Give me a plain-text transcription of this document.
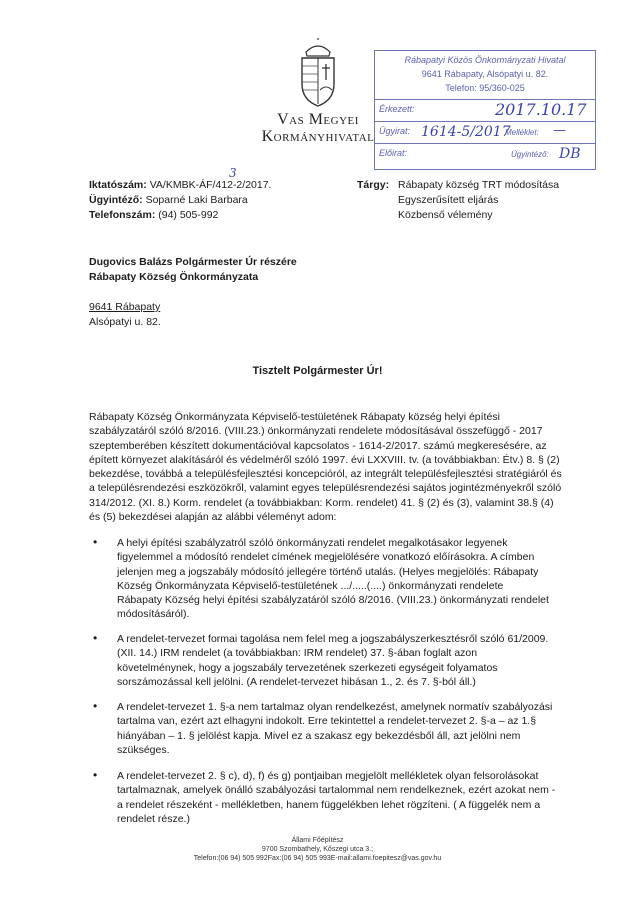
Vas Megyei
Kormányhivatal
Rábapatyi Közös Önkormányzati Hivatal
9641 Rábapaty, Alsópatyi u. 82.
Telefon: 95/360-025
Érkezett:	2017.10.17
Ügyirat: 1614-5/2017
Melléklet: —
Előirat:	Ügyintéző: DB
Iktatószám: VA/KMBK-ÁF/412-2/2017.
Ügyintéző: Soparné Laki Barbara
Telefonszám: (94) 505-992
3
Tárgy: Rábapaty község TRT módosítása
Egyszerűsített eljárás
Közbenső vélemény
Dugovics Balázs Polgármester Úr részére
Rábapaty Község Önkormányzata
9641 Rábapaty
Alsópatyi u. 82.
Tisztelt Polgármester Úr!
Rábapaty Község Önkormányzata Képviselő-testületének Rábapaty község helyi építési
szabályzatáról szóló 8/2016. (VIII.23.) önkormányzati rendelete módosításával összefüggő - 2017
szeptemberében készített dokumentációval kapcsolatos - 1614-2/2017. számú megkeresésére, az
épített környezet alakításáról és védelméről szóló 1997. évi LXXVIII. tv. (a továbbiakban: Étv.) 8. § (2)
bekezdése, továbbá a településfejlesztési koncepcióról, az integrált településfejlesztési stratégiáról és
a településrendezési eszközökről, valamint egyes településrendezési sajátos jogintézményekről szóló
314/2012. (XI. 8.) Korm. rendelet (a továbbiakban: Korm. rendelet) 41. § (2) és (3), valamint 38.§ (4)
és (5) bekezdései alapján az alábbi véleményt adom:
• A helyi építési szabályzatról szóló önkormányzati rendelet megalkotásakor legyenek
figyelemmel a módosító rendelet címének megjelölésére vonatkozó előírásokra. A címben
jelenjen meg a jogszabály módosító jellegére történő utalás. (Helyes megjelölés: Rábapaty
Község Önkormányzata Képviselő-testületének .../.....(....) önkormányzati rendelete
Rábapaty Község helyi építési szabályzatáról szóló 8/2016. (VIII.23.) önkormányzati rendelet
módosításáról).
• A rendelet-tervezet formai tagolása nem felel meg a jogszabályszerkesztésről szóló 61/2009.
(XII. 14.) IRM rendelet (a továbbiakban: IRM rendelet) 37. §-ában foglalt azon
követelménynek, hogy a jogszabály tervezetének szerkezeti egységeit folyamatos
sorszámozással kell jelölni. (A rendelet-tervezet hibásan 1., 2. és 7. §-ból áll.)
• A rendelet-tervezet 1. §-a nem tartalmaz olyan rendelkezést, amelynek normatív szabályozási
tartalma van, ezért azt elhagyni indokolt. Erre tekintettel a rendelet-tervezet 2. §-a – az 1.§
hiányában – 1. § jelölést kapja. Mivel ez a szakasz egy bekezdésből áll, azt jelölni nem
szükséges.
• A rendelet-tervezet 2. § c), d), f) és g) pontjaiban megjelölt mellékletek olyan felsorolásokat
tartalmaznak, amelyek önálló szabályozási tartalommal nem rendelkeznek, ezért azokat nem -
a rendelet részeként - mellékletben, hanem függelékben lehet rögzíteni. ( A függelék nem a
rendelet része.)
Állami Főépítész
9700 Szombathely, Kőszegi utca 3.;
Telefon:(06 94) 505 992Fax:(06 94) 505 993E-mail:allami.foepitesz@vas.gov.hu
